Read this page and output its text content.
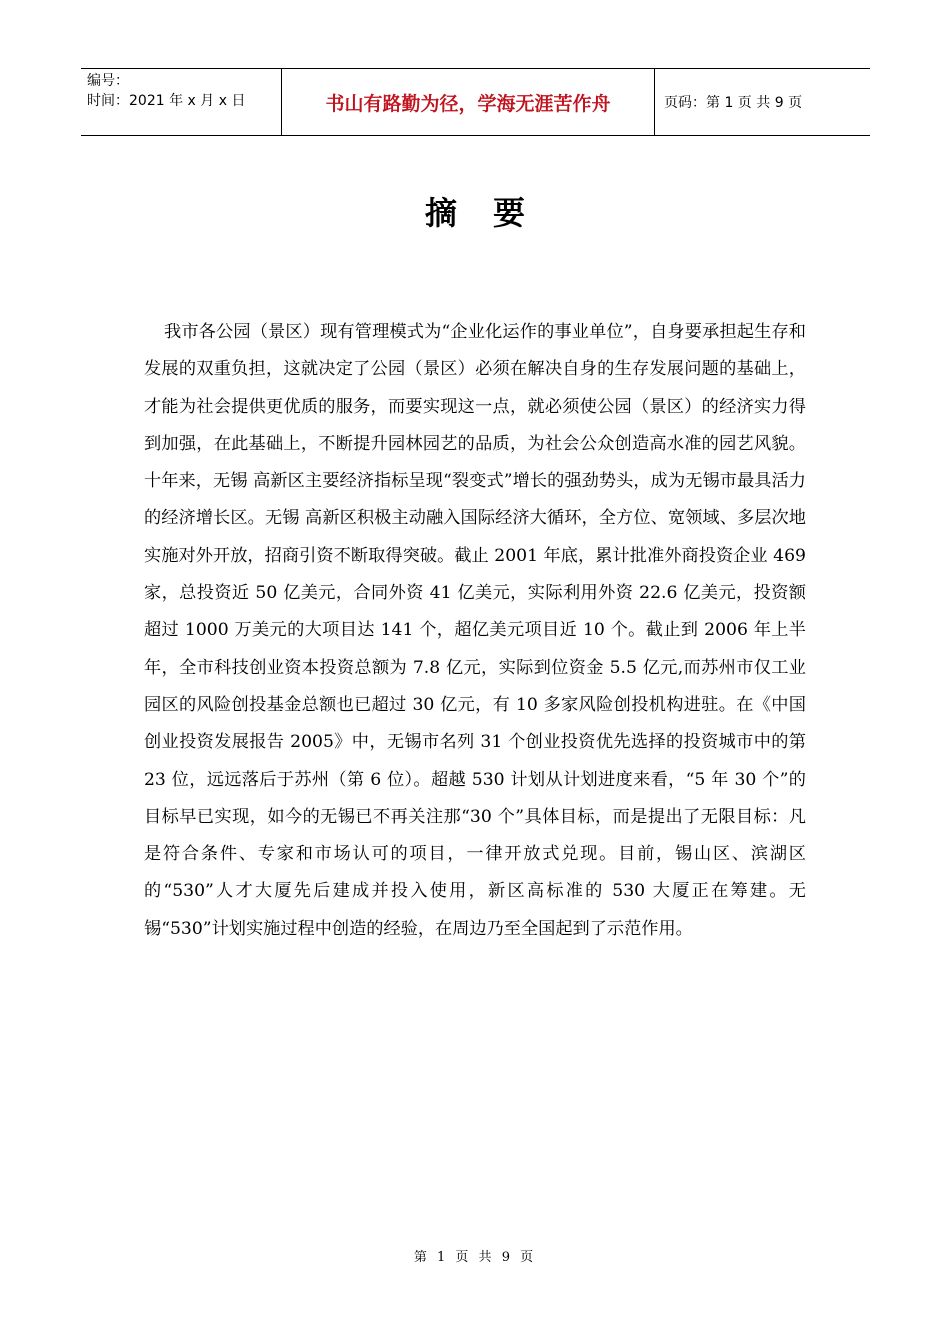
编号：
时间：2021 年 x 月 x 日	书山有路勤为径，学海无涯苦作舟	页码：第 1 页 共 9 页
摘要

我市各公园（景区）现有管理模式为“企业化运作的事业单位”，自身要承担起生存和发展的双重负担，这就决定了公园（景区）必须在解决自身的生存发展问题的基础上，才能为社会提供更优质的服务，而要实现这一点，就必须使公园（景区）的经济实力得到加强，在此基础上，不断提升园林园艺的品质，为社会公众创造高水准的园艺风貌。十年来，无锡 高新区主要经济指标呈现“裂变式”增长的强劲势头，成为无锡市最具活力的经济增长区。无锡 高新区积极主动融入国际经济大循环，全方位、宽领域、多层次地实施对外开放，招商引资不断取得突破。截止 2001 年底，累计批准外商投资企业 469 家，总投资近 50 亿美元，合同外资 41 亿美元，实际利用外资 22.6 亿美元，投资额超过 1000 万美元的大项目达 141 个，超亿美元项目近 10 个。截止到 2006 年上半年，全市科技创业资本投资总额为 7.8 亿元，实际到位资金 5.5 亿元,而苏州市仅工业园区的风险创投基金总额也已超过 30 亿元，有 10 多家风险创投机构进驻。在《中国创业投资发展报告 2005》中，无锡市名列 31 个创业投资优先选择的投资城市中的第 23 位，远远落后于苏州（第 6 位）。超越 530 计划从计划进度来看，“5 年 30 个”的目标早已实现，如今的无锡已不再关注那“30 个”具体目标，而是提出了无限目标：凡是符合条件、专家和市场认可的项目，一律开放式兑现。目前，锡山区、滨湖区的“530”人才大厦先后建成并投入使用，新区高标准的 530 大厦正在筹建。无锡“530”计划实施过程中创造的经验，在周边乃至全国起到了示范作用。

第 1 页 共 9 页
